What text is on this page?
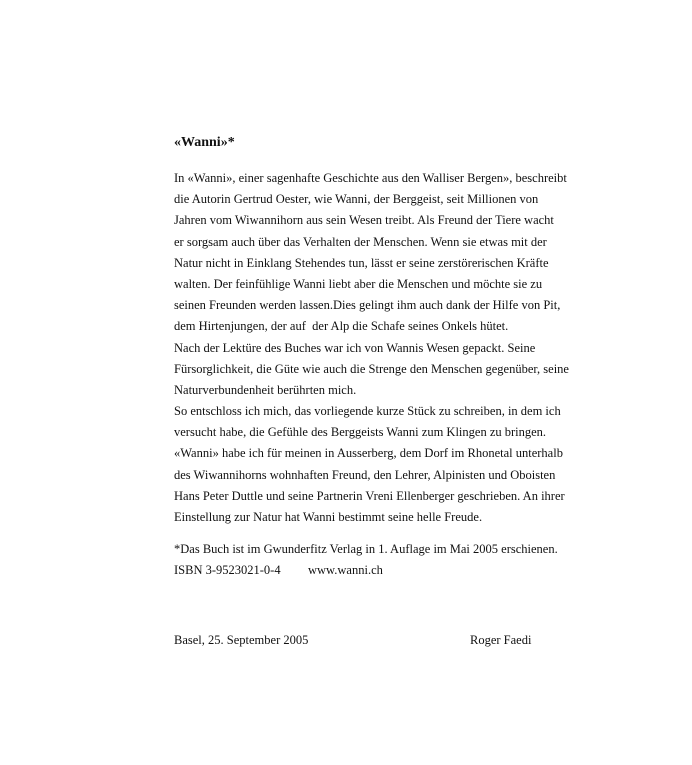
«Wanni»*
In «Wanni», einer sagenhafte Geschichte aus den Walliser Bergen», beschreibt
die Autorin Gertrud Oester, wie Wanni, der Berggeist, seit Millionen von
Jahren vom Wiwannihorn aus sein Wesen treibt. Als Freund der Tiere wacht
er sorgsam auch über das Verhalten der Menschen. Wenn sie etwas mit der
Natur nicht in Einklang Stehendes tun, lässt er seine zerstörerischen Kräfte
walten. Der feinfühlige Wanni liebt aber die Menschen und möchte sie zu
seinen Freunden werden lassen.Dies gelingt ihm auch dank der Hilfe von Pit,
dem Hirtenjungen, der auf  der Alp die Schafe seines Onkels hütet.
Nach der Lektüre des Buches war ich von Wannis Wesen gepackt. Seine
Fürsorglichkeit, die Güte wie auch die Strenge den Menschen gegenüber, seine
Naturverbundenheit berührten mich.
So entschloss ich mich, das vorliegende kurze Stück zu schreiben, in dem ich
versucht habe, die Gefühle des Berggeists Wanni zum Klingen zu bringen.
«Wanni» habe ich für meinen in Ausserberg, dem Dorf im Rhonetal unterhalb
des Wiwannihorns wohnhaften Freund, den Lehrer, Alpinisten und Oboisten
Hans Peter Duttle und seine Partnerin Vreni Ellenberger geschrieben. An ihrer
Einstellung zur Natur hat Wanni bestimmt seine helle Freude.
*Das Buch ist im Gwunderfitz Verlag in 1. Auflage im Mai 2005 erschienen.
ISBN 3-9523021-0-4	www.wanni.ch
Basel, 25. September 2005	Roger Faedi
